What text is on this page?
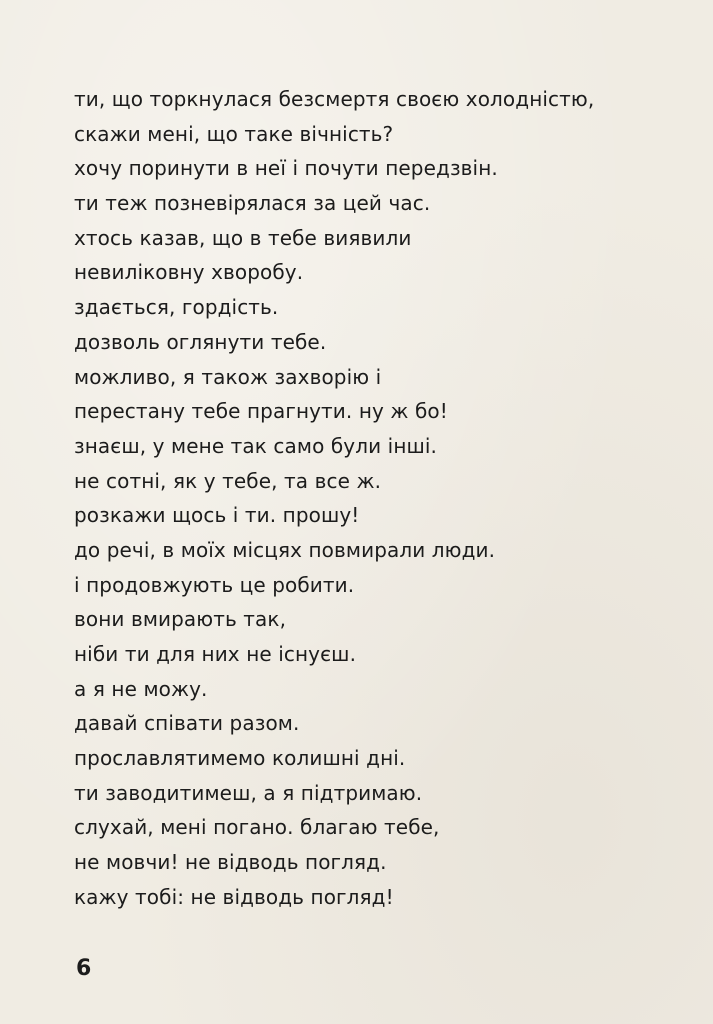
ти, що торкнулася безсмертя своєю холодністю,
скажи мені, що таке вічність?
хочу поринути в неї і почути передзвін.
ти теж позневірялася за цей час.
хтось казав, що в тебе виявили
невиліковну хворобу.
здається, гордість.
дозволь оглянути тебе.
можливо, я також захворію і
перестану тебе прагнути. ну ж бо!
знаєш, у мене так само були інші.
не сотні, як у тебе, та все ж.
розкажи щось і ти. прошу!
до речі, в моїх місцях повмирали люди.
і продовжують це робити.
вони вмирають так,
ніби ти для них не існуєш.
а я не можу.
давай співати разом.
прославлятимемо колишні дні.
ти заводитимеш, а я підтримаю.
слухай, мені погано. благаю тебе,
не мовчи! не відводь погляд.
кажу тобі: не відводь погляд!
6
